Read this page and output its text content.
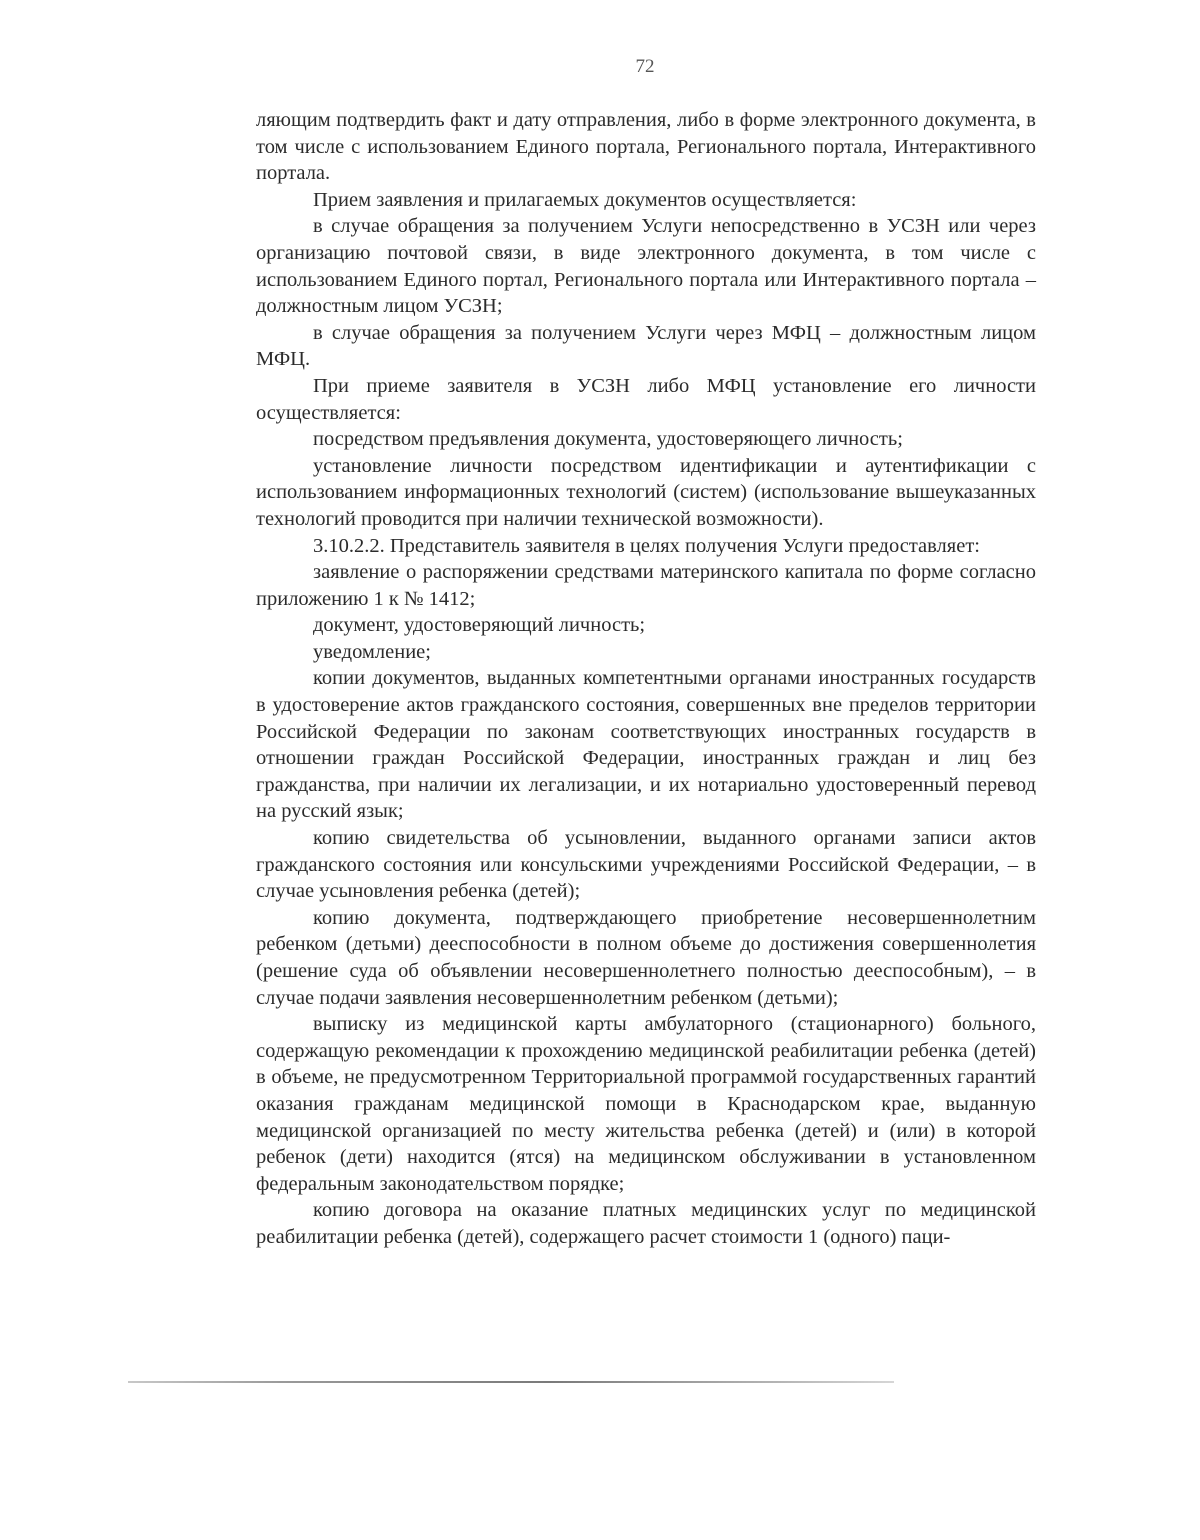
72

ляющим подтвердить факт и дату отправления, либо в форме электронного документа, в том числе с использованием Единого портала, Регионального портала, Интерактивного портала.

Прием заявления и прилагаемых документов осуществляется:

в случае обращения за получением Услуги непосредственно в УСЗН или через организацию почтовой связи, в виде электронного документа, в том числе с использованием Единого портал, Регионального портала или Интерактивного портала – должностным лицом УСЗН;

в случае обращения за получением Услуги через МФЦ – должностным лицом МФЦ.

При приеме заявителя в УСЗН либо МФЦ установление его личности осуществляется:

посредством предъявления документа, удостоверяющего личность;

установление личности посредством идентификации и аутентификации с использованием информационных технологий (систем) (использование вышеуказанных технологий проводится при наличии технической возможности).

3.10.2.2. Представитель заявителя в целях получения Услуги предоставляет:

заявление о распоряжении средствами материнского капитала по форме согласно приложению 1 к № 1412;

документ, удостоверяющий личность;

уведомление;

копии документов, выданных компетентными органами иностранных государств в удостоверение актов гражданского состояния, совершенных вне пределов территории Российской Федерации по законам соответствующих иностранных государств в отношении граждан Российской Федерации, иностранных граждан и лиц без гражданства, при наличии их легализации, и их нотариально удостоверенный перевод на русский язык;

копию свидетельства об усыновлении, выданного органами записи актов гражданского состояния или консульскими учреждениями Российской Федерации, – в случае усыновления ребенка (детей);

копию документа, подтверждающего приобретение несовершеннолетним ребенком (детьми) дееспособности в полном объеме до достижения совершеннолетия (решение суда об объявлении несовершеннолетнего полностью дееспособным), – в случае подачи заявления несовершеннолетним ребенком (детьми);

выписку из медицинской карты амбулаторного (стационарного) больного, содержащую рекомендации к прохождению медицинской реабилитации ребенка (детей) в объеме, не предусмотренном Территориальной программой государственных гарантий оказания гражданам медицинской помощи в Краснодарском крае, выданную медицинской организацией по месту жительства ребенка (детей) и (или) в которой ребенок (дети) находится (ятся) на медицинском обслуживании в установленном федеральным законодательством порядке;

копию договора на оказание платных медицинских услуг по медицинской реабилитации ребенка (детей), содержащего расчет стоимости 1 (одного) паци-
